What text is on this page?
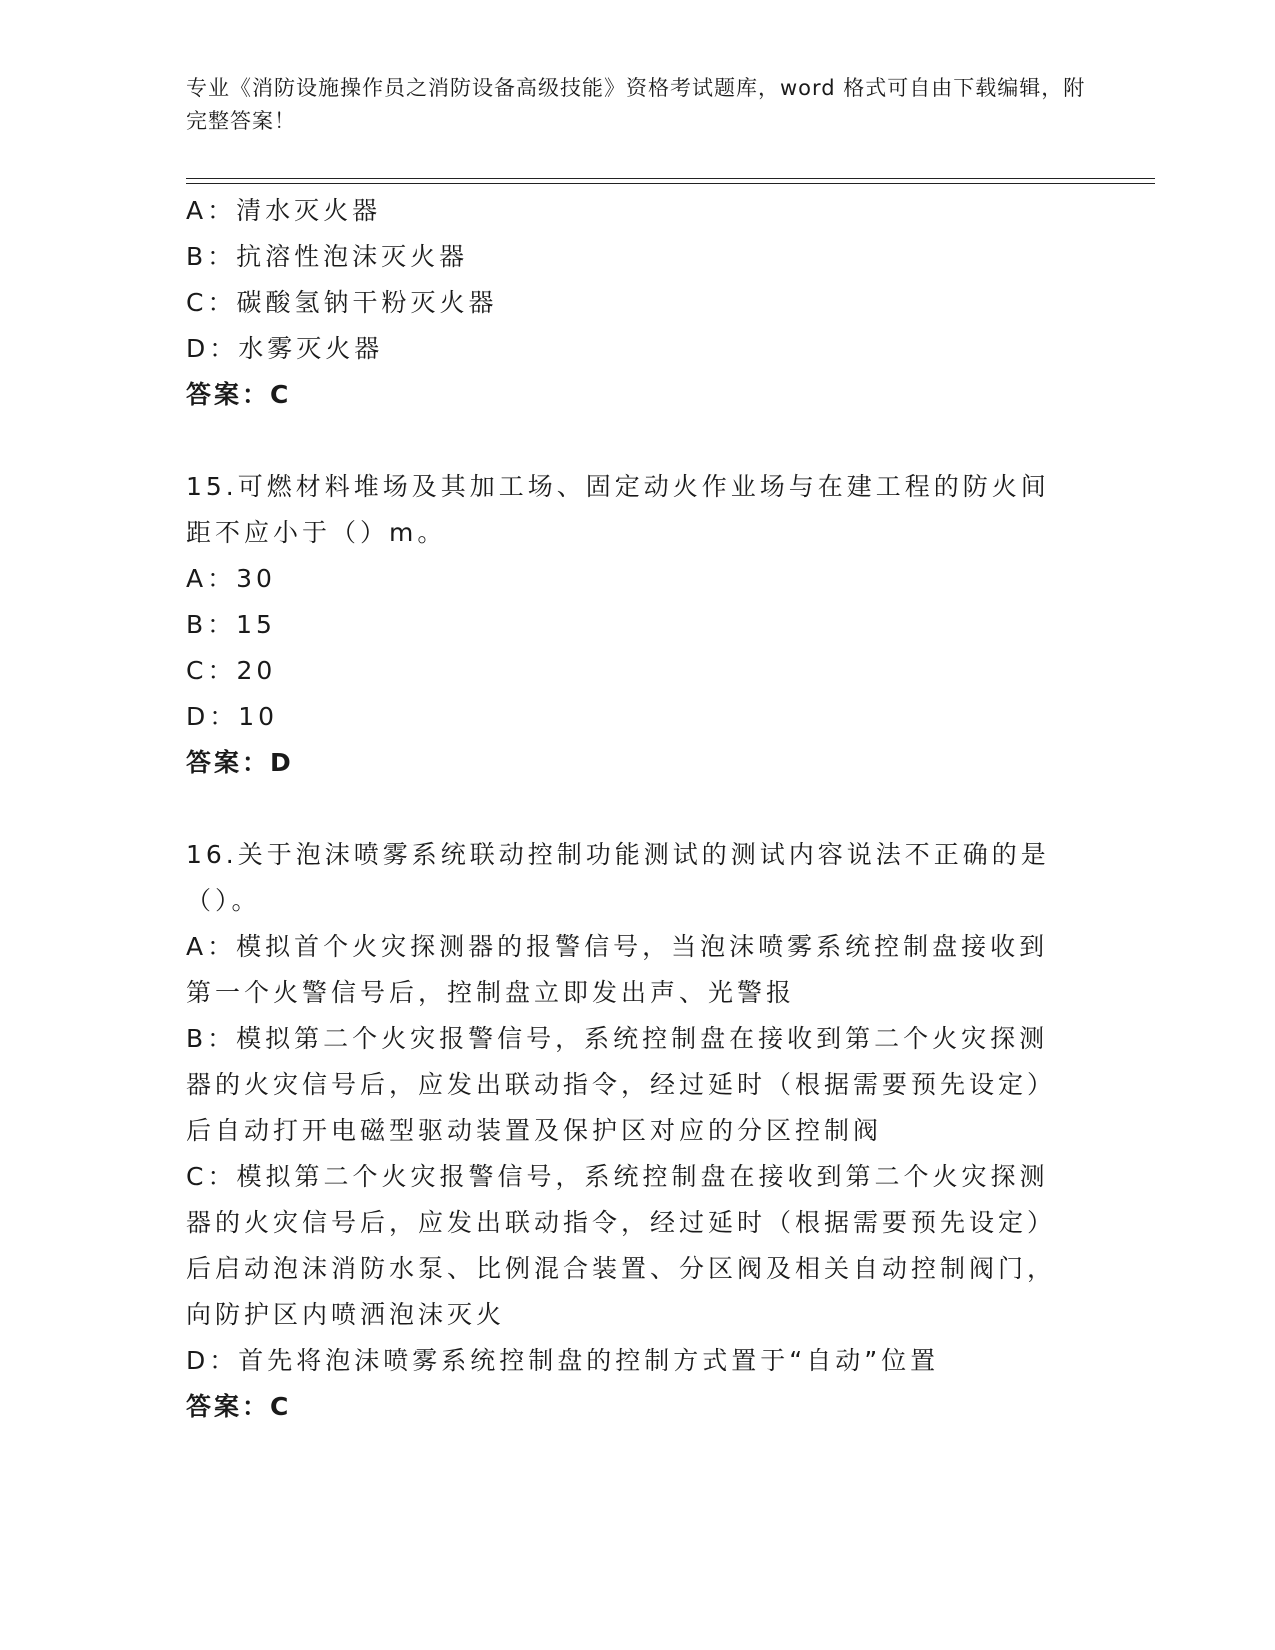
专业《消防设施操作员之消防设备高级技能》资格考试题库，word 格式可自由下载编辑，附完整答案！
A：清水灭火器
B：抗溶性泡沫灭火器
C：碳酸氢钠干粉灭火器
D：水雾灭火器
答案：C
15.可燃材料堆场及其加工场、固定动火作业场与在建工程的防火间距不应小于（）m。
A：30
B：15
C：20
D：10
答案：D
16.关于泡沫喷雾系统联动控制功能测试的测试内容说法不正确的是（）。
A：模拟首个火灾探测器的报警信号，当泡沫喷雾系统控制盘接收到第一个火警信号后，控制盘立即发出声、光警报
B：模拟第二个火灾报警信号，系统控制盘在接收到第二个火灾探测器的火灾信号后，应发出联动指令，经过延时（根据需要预先设定）后自动打开电磁型驱动装置及保护区对应的分区控制阀
C：模拟第二个火灾报警信号，系统控制盘在接收到第二个火灾探测器的火灾信号后，应发出联动指令，经过延时（根据需要预先设定）后启动泡沫消防水泵、比例混合装置、分区阀及相关自动控制阀门，向防护区内喷洒泡沫灭火
D：首先将泡沫喷雾系统控制盘的控制方式置于“自动”位置
答案：C
